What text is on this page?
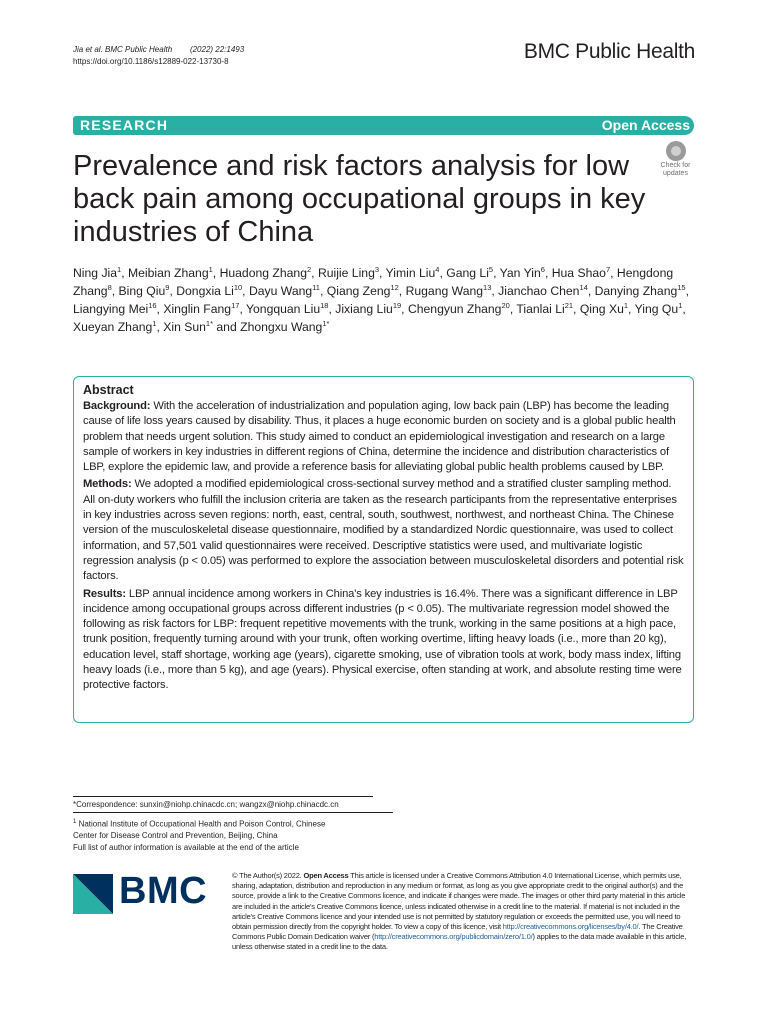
Jia et al. BMC Public Health (2022) 22:1493
https://doi.org/10.1186/s12889-022-13730-8	BMC Public Health
RESEARCH	Open Access
Check for
updates
Prevalence and risk factors analysis for low back pain among occupational groups in key industries of China
Ning Jia$^1$, Meibian Zhang$^1$, Huadong Zhang$^2$, Ruijie Ling$^3$, Yimin Liu$^4$, Gang Li$^5$, Yan Yin$^6$, Hua Shao$^7$, Hengdong Zhang$^8$, Bing Qiu$^9$, Dongxia Li$^{10}$, Dayu Wang$^{11}$, Qiang Zeng$^{12}$, Rugang Wang$^{13}$, Jianchao Chen$^{14}$, Danying Zhang$^{15}$, Liangying Mei$^{16}$, Xinglin Fang$^{17}$, Yongquan Liu$^{18}$, Jixiang Liu$^{19}$, Chengyun Zhang$^{20}$, Tianlai Li$^{21}$, Qing Xu$^1$, Ying Qu$^1$, Xueyan Zhang$^1$, Xin Sun$^{1*}$ and Zhongxu Wang$^{1*}$
Abstract

Background: With the acceleration of industrialization and population aging, low back pain (LBP) has become the leading cause of life loss years caused by disability. Thus, it places a huge economic burden on society and is a global public health problem that needs urgent solution. This study aimed to conduct an epidemiological investigation and research on a large sample of workers in key industries in different regions of China, determine the incidence and distribution characteristics of LBP, explore the epidemic law, and provide a reference basis for alleviating global public health problems caused by LBP.

Methods: We adopted a modified epidemiological cross-sectional survey method and a stratified cluster sampling method. All on-duty workers who fulfill the inclusion criteria are taken as the research participants from the representative enterprises in key industries across seven regions: north, east, central, south, southwest, northwest, and northeast China. The Chinese version of the musculoskeletal disease questionnaire, modified by a standardized Nordic questionnaire, was used to collect information, and 57,501 valid questionnaires were received. Descriptive statistics were used, and multivariate logistic regression analysis (p < 0.05) was performed to explore the association between musculoskeletal disorders and potential risk factors.

Results: LBP annual incidence among workers in China's key industries is 16.4%. There was a significant difference in LBP incidence among occupational groups across different industries (p < 0.05). The multivariate regression model showed the following as risk factors for LBP: frequent repetitive movements with the trunk, working in the same positions at a high pace, trunk position, frequently turning around with your trunk, often working overtime, lifting heavy loads (i.e., more than 20 kg), education level, staff shortage, working age (years), cigarette smoking, use of vibration tools at work, body mass index, lifting heavy loads (i.e., more than 5 kg), and age (years). Physical exercise, often standing at work, and absolute resting time were protective factors.

*Correspondence: sunxin@niohp.chinacdc.cn; wangzx@niohp.chinacdc.cn
$^1$ National Institute of Occupational Health and Poison Control, Chinese
Center for Disease Control and Prevention, Beijing, China
Full list of author information is available at the end of the article
BMC	© The Author(s) 2022. Open Access This article is licensed under a Creative Commons Attribution 4.0 International License, which permits use, sharing, adaptation, distribution and reproduction in any medium or format, as long as you give appropriate credit to the original author(s) and the source, provide a link to the Creative Commons licence, and indicate if changes were made. The images or other third party material in this article are included in the article's Creative Commons licence, unless indicated otherwise in a credit line to the material. If material is not included in the article's Creative Commons licence and your intended use is not permitted by statutory regulation or exceeds the permitted use, you will need to obtain permission directly from the copyright holder. To view a copy of this licence, visit http://creativecommons.org/licenses/by/4.0/. The Creative Commons Public Domain Dedication waiver (http://creativecommons.org/publicdomain/zero/1.0/) applies to the data made available in this article, unless otherwise stated in a credit line to the data.
